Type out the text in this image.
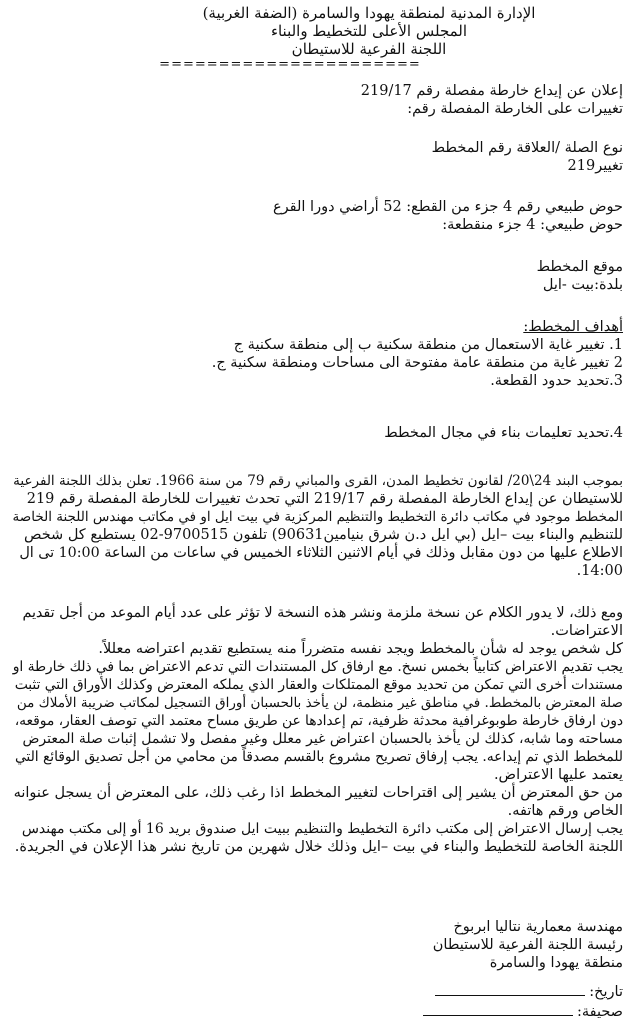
الإدارة المدنية لمنطقة يهودا والسامرة (الضفة الغربية)
المجلس الأعلى للتخطيط والبناء
اللجنة الفرعية للاستيطان
======================
إعلان عن إيداع خارطة مفصلة رقم 219/17
تغييرات على الخارطة المفصلة رقم:
نوع الصلة /العلاقة رقم المخطط
تغيير219
حوض طبيعي رقم 4 جزء من القطع: 52 أراضي دورا القرع
حوض طبيعي: 4 جزء منقطعة:
موقع المخطط
بلدة:بيت -ايل
أهداف المخطط:
1. تغيير غاية الاستعمال من منطقة سكنية ب إلى منطقة سكنية ج
2 تغيير غاية من منطقة عامة مفتوحة الى مساحات ومنطقة سكنية ج.
3.تحديد حدود القطعة.
4.تحديد تعليمات بناء في مجال المخطط
بموجب البند 24\20/ لقانون تخطيط المدن، القرى والمباني رقم 79 من سنة 1966. تعلن بذلك اللجنة الفرعية
للاستيطان عن إيداع الخارطة المفصلة رقم 219/17 التي تحدث تغييرات للخارطة المفصلة رقم 219
المخطط موجود في مكاتب دائرة التخطيط والتنظيم المركزية في بيت ايل او في مكاتب مهندس اللجنة الخاصة
للتنظيم والبناء بيت –ايل (بي ايل د.ن شرق بنيامين90631) تلفون 9700515-02 يستطيع كل شخص
الاطلاع عليها من دون مقابل وذلك في أيام الاثنين الثلاثاء الخميس في ساعات من الساعة 10:00 تى ال
14:00.
ومع ذلك، لا يدور الكلام عن نسخة ملزمة ونشر هذه النسخة لا تؤثر على عدد أيام الموعد من أجل تقديم
الاعتراضات.
كل شخص يوجد له شأن بالمخطط ويجد نفسه متضرراً منه يستطيع تقديم اعتراضه معللاً.
يجب تقديم الاعتراض كتابياً بخمس نسخ. مع ارفاق كل المستندات التي تدعم الاعتراض بما في ذلك خارطة او
مستندات أخرى التي تمكن من تحديد موقع الممتلكات والعقار الذي يملكه المعترض وكذلك الأوراق التي تثبت
صلة المعترض بالمخطط. في مناطق غير منظمة، لن يأخذ بالحسبان أوراق التسجيل لمكاتب ضريبة الأملاك من
دون ارفاق خارطة طوبوغرافية محدثة ظرفية، تم إعدادها عن طريق مساح معتمد التي توصف العقار، موقعه،
مساحته وما شابه، كذلك لن يأخذ بالحسبان اعتراض غير معلل وغير مفصل ولا تشمل إثبات صلة المعترض
للمخطط الذي تم إيداعه. يجب إرفاق تصريح مشروع بالقسم مصدقاً من محامي من أجل تصديق الوقائع التي
يعتمد عليها الاعتراض.
من حق المعترض أن يشير إلى اقتراحات لتغيير المخطط اذا رغب ذلك، على المعترض أن يسجل عنوانه
الخاص ورقم هاتفه.
يجب إرسال الاعتراض إلى مكتب دائرة التخطيط والتنظيم ببيت ايل صندوق بريد 16 أو إلى مكتب مهندس
اللجنة الخاصة للتخطيط والبناء في بيت –ايل وذلك خلال شهرين من تاريخ نشر هذا الإعلان في الجريدة.
مهندسة معمارية نتاليا ابربوخ
رئيسة اللجنة الفرعية للاستيطان
منطقة يهودا والسامرة
تاريخ:
صحيفة:
